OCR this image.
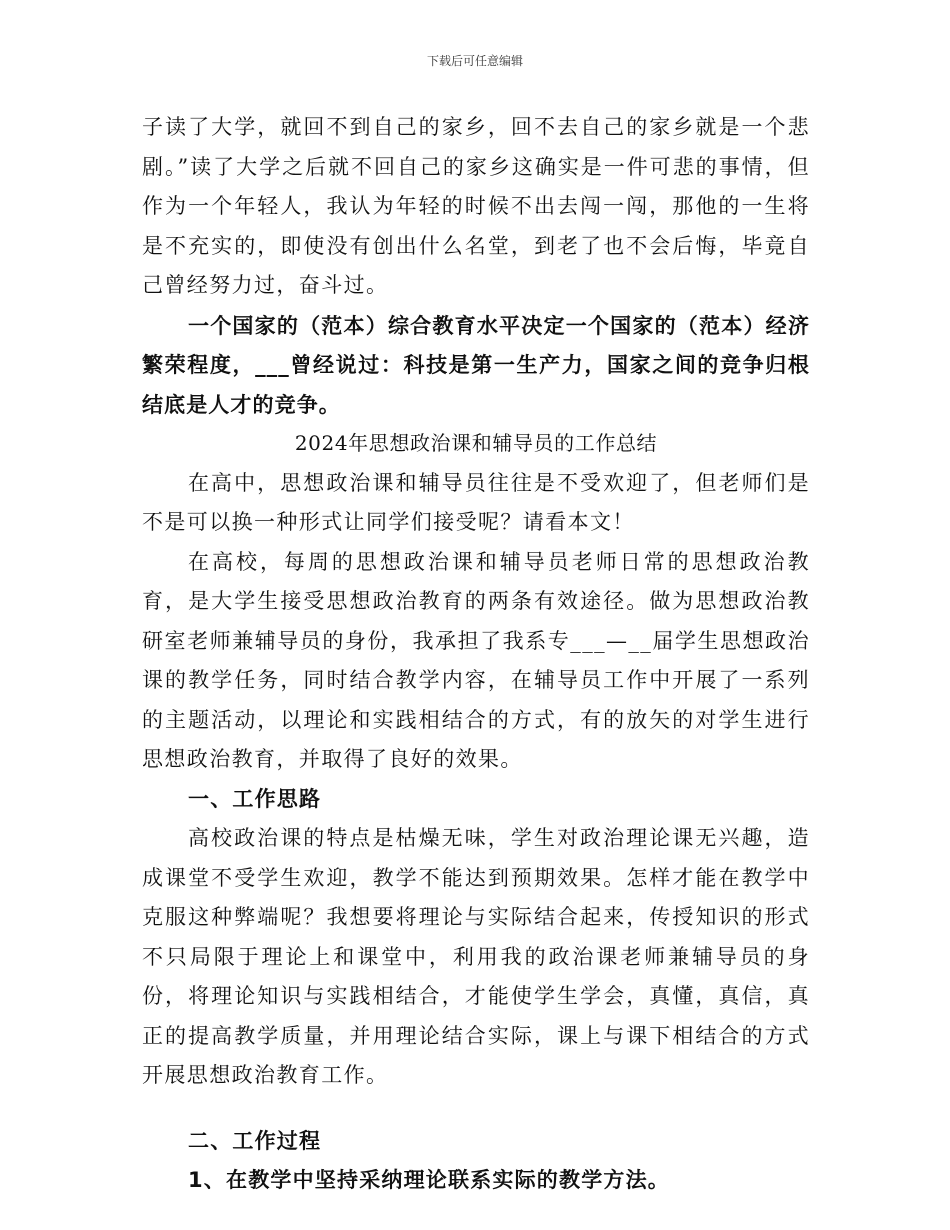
下载后可任意编辑

子读了大学，就回不到自己的家乡，回不去自己的家乡就是一个悲剧。”读了大学之后就不回自己的家乡这确实是一件可悲的事情，但作为一个年轻人，我认为年轻的时候不出去闯一闯，那他的一生将是不充实的，即使没有创出什么名堂，到老了也不会后悔，毕竟自己曾经努力过，奋斗过。

一个国家的（范本）综合教育水平决定一个国家的（范本）经济繁荣程度，___曾经说过：科技是第一生产力，国家之间的竞争归根结底是人才的竞争。

2024年思想政治课和辅导员的工作总结

在高中，思想政治课和辅导员往往是不受欢迎了，但老师们是不是可以换一种形式让同学们接受呢？请看本文！

在高校，每周的思想政治课和辅导员老师日常的思想政治教育，是大学生接受思想政治教育的两条有效途径。做为思想政治教研室老师兼辅导员的身份，我承担了我系专___—__届学生思想政治课的教学任务，同时结合教学内容，在辅导员工作中开展了一系列的主题活动，以理论和实践相结合的方式，有的放矢的对学生进行思想政治教育，并取得了良好的效果。

一、工作思路

高校政治课的特点是枯燥无味，学生对政治理论课无兴趣，造成课堂不受学生欢迎，教学不能达到预期效果。怎样才能在教学中克服这种弊端呢？我想要将理论与实际结合起来，传授知识的形式不只局限于理论上和课堂中，利用我的政治课老师兼辅导员的身份，将理论知识与实践相结合，才能使学生学会，真懂，真信，真正的提高教学质量，并用理论结合实际，课上与课下相结合的方式开展思想政治教育工作。

二、工作过程

1、在教学中坚持采纳理论联系实际的教学方法。
